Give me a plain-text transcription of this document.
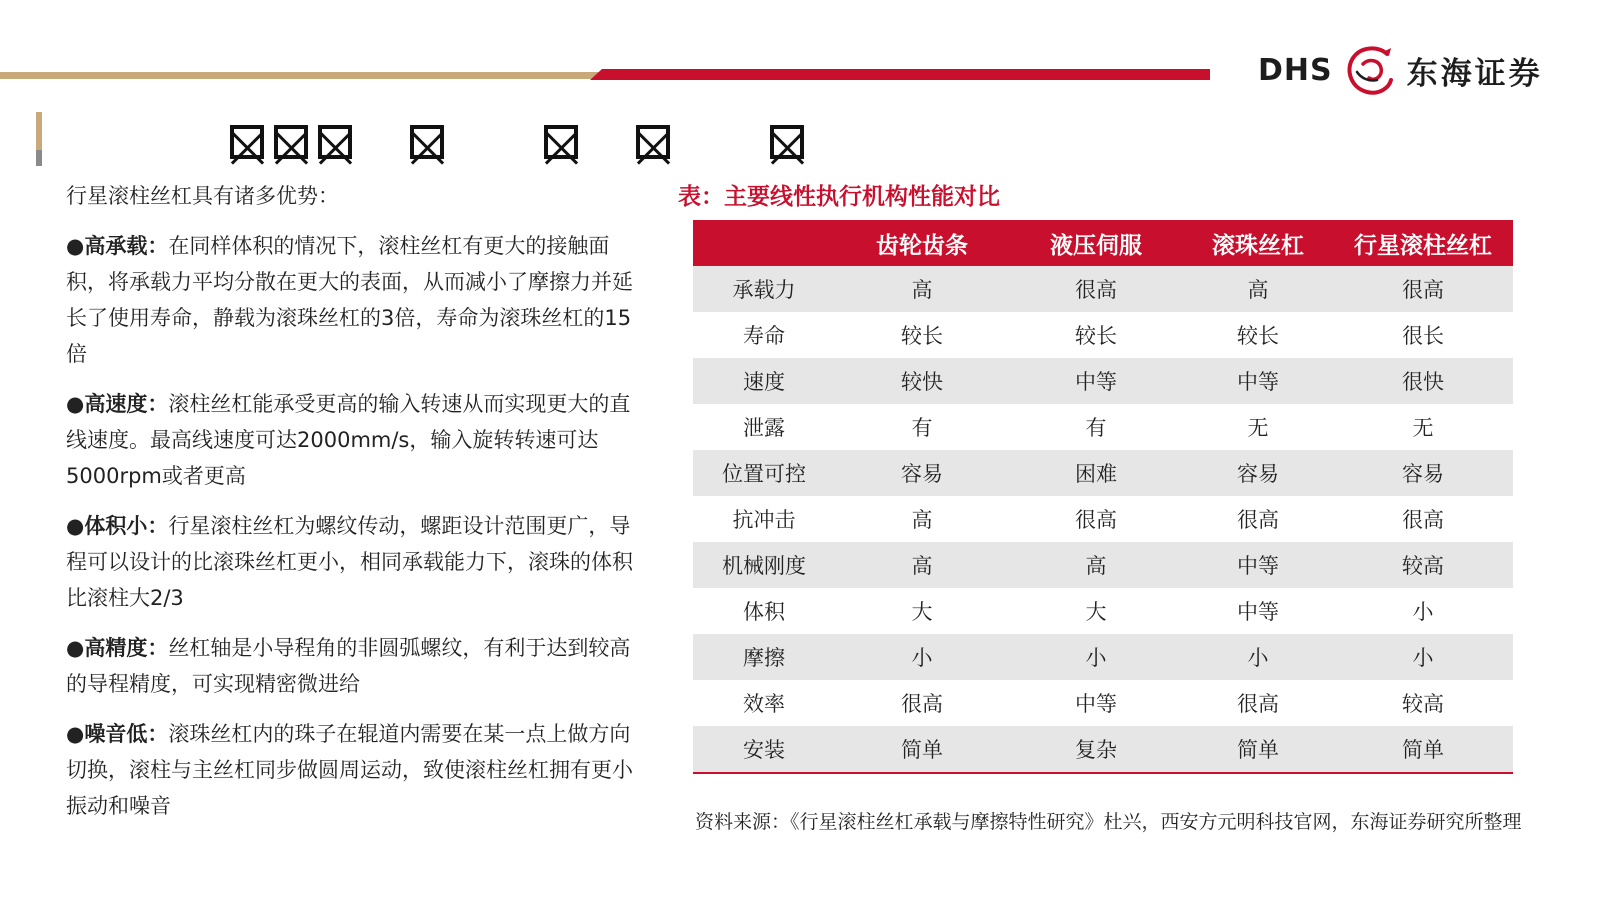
DHS 东海证券
行星滚柱丝杠具有诸多优势：
●高承载：在同样体积的情况下，滚柱丝杠有更大的接触面积，将承载力平均分散在更大的表面，从而减小了摩擦力并延长了使用寿命，静载为滚珠丝杠的3倍，寿命为滚珠丝杠的15倍
●高速度：滚柱丝杠能承受更高的输入转速从而实现更大的直线速度。最高线速度可达2000mm/s，输入旋转转速可达5000rpm或者更高
●体积小：行星滚柱丝杠为螺纹传动，螺距设计范围更广，导程可以设计的比滚珠丝杠更小，相同承载能力下，滚珠的体积比滚柱大2/3
●高精度：丝杠轴是小导程角的非圆弧螺纹，有利于达到较高的导程精度，可实现精密微进给
●噪音低：滚珠丝杠内的珠子在辊道内需要在某一点上做方向切换，滚柱与主丝杠同步做圆周运动，致使滚柱丝杠拥有更小振动和噪音
表：主要线性执行机构性能对比
	齿轮齿条	液压伺服	滚珠丝杠	行星滚柱丝杠
承载力	高	很高	高	很高
寿命	较长	较长	较长	很长
速度	较快	中等	中等	很快
泄露	有	有	无	无
位置可控	容易	困难	容易	容易
抗冲击	高	很高	很高	很高
机械刚度	高	高	中等	较高
体积	大	大	中等	小
摩擦	小	小	小	小
效率	很高	中等	很高	较高
安装	简单	复杂	简单	简单
资料来源：《行星滚柱丝杠承载与摩擦特性研究》杜兴，西安方元明科技官网，东海证券研究所整理
